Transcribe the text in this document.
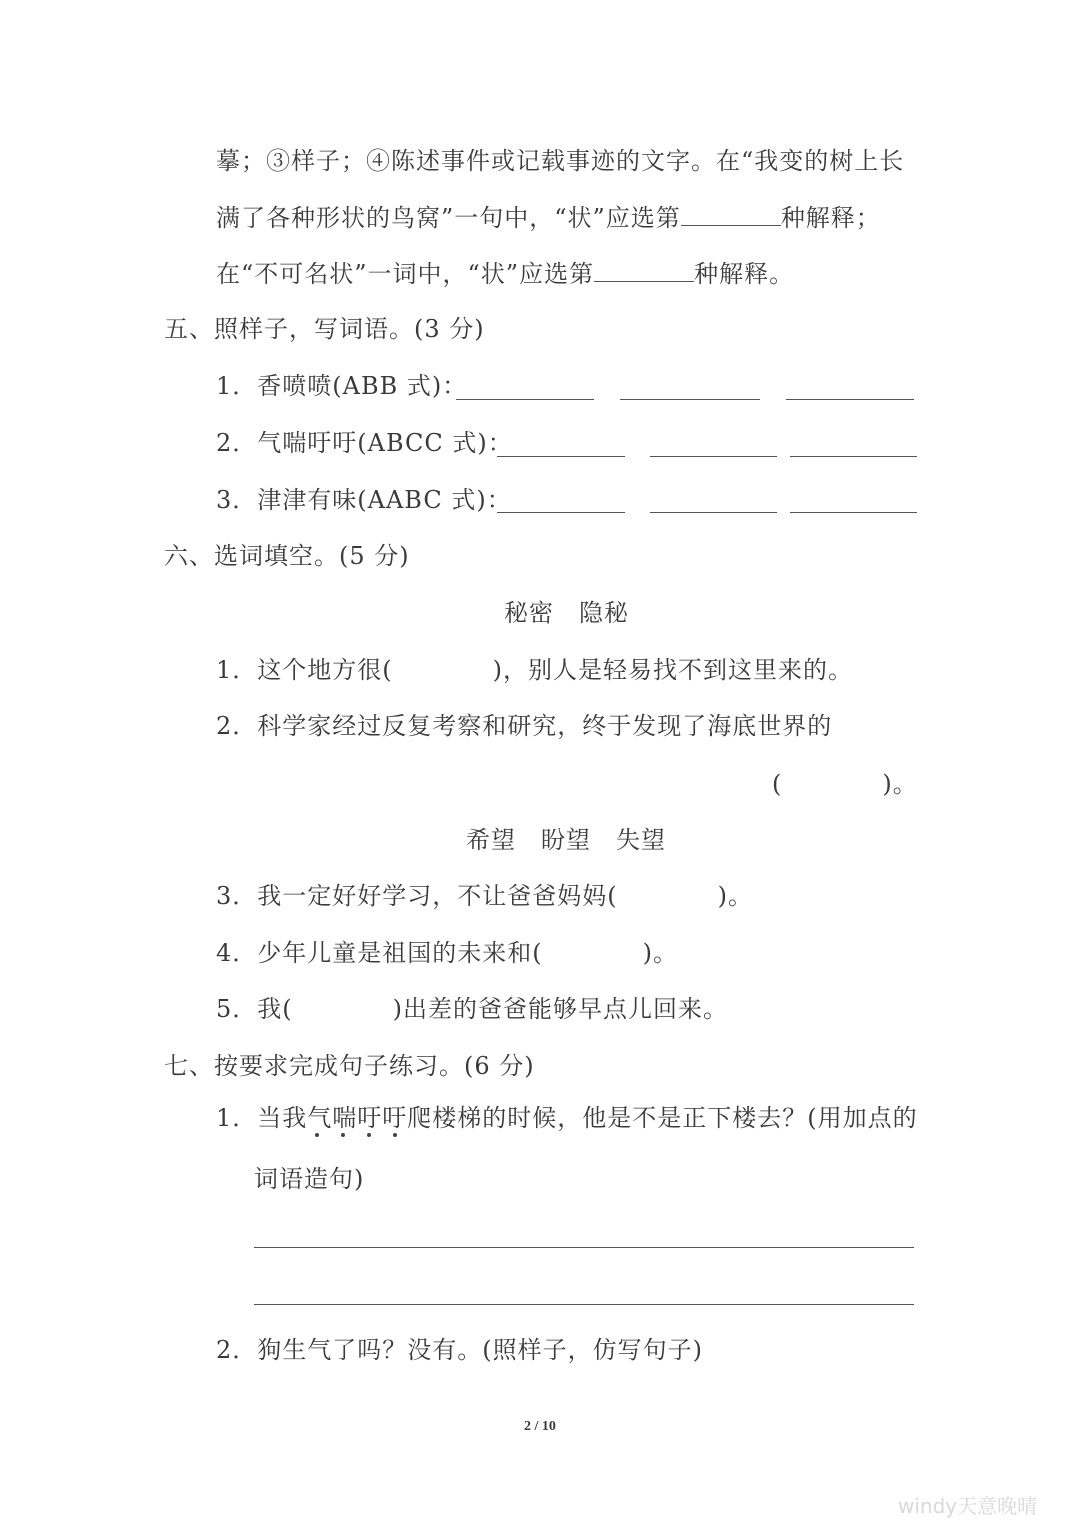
摹；③样子；④陈述事件或记载事迹的文字。在“我变的树上长
满了各种形状的鸟窝”一句中，“状”应选第	种解释；
在“不可名状”一词中，“状”应选第	种解释。
五、照样子，写词语。(3 分)
1．香喷喷(ABB 式)：
2．气喘吁吁(ABCC 式)：
3．津津有味(AABC 式)：
六、选词填空。(5 分)
秘密　隐秘
1．这个地方很(	)，别人是轻易找不到这里来的。
2．科学家经过反复考察和研究，终于发现了海底世界的
(	)。
希望　盼望　失望
3．我一定好好学习，不让爸爸妈妈(	)。
4．少年儿童是祖国的未来和(	)。
5．我(	)出差的爸爸能够早点儿回来。
七、按要求完成句子练习。(6 分)
1．当我气喘吁吁
爬楼梯的时候，他是不是正下楼去？(用加点的
词语造句)
2．狗生气了吗？没有。(照样子，仿写句子)
2 / 10
windy天意晚晴
